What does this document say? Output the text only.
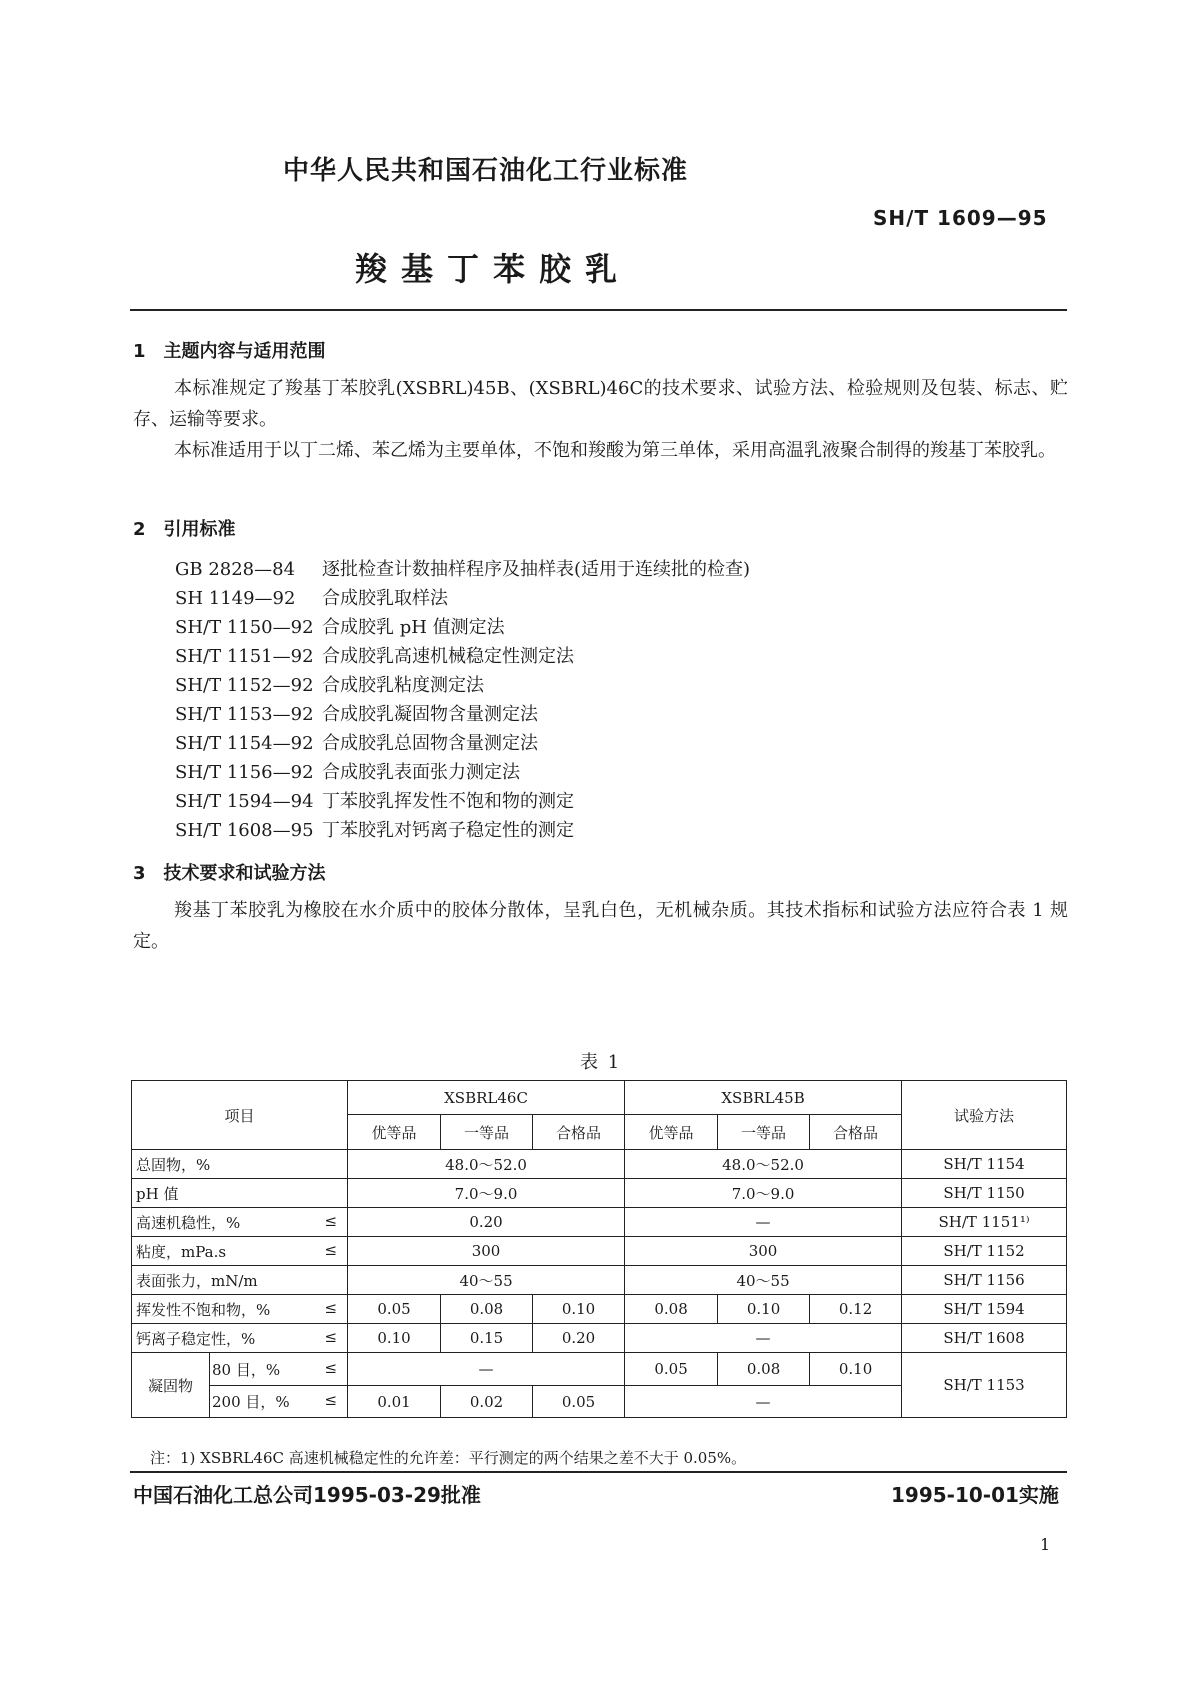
中华人民共和国石油化工行业标准
SH/T 1609—95
羧基丁苯胶乳
1　主题内容与适用范围

本标准规定了羧基丁苯胶乳(XSBRL)45B、(XSBRL)46C的技术要求、试验方法、检验规则及包装、标志、贮存、运输等要求。

本标准适用于以丁二烯、苯乙烯为主要单体，不饱和羧酸为第三单体，采用高温乳液聚合制得的羧基丁苯胶乳。

2　引用标准
GB 2828—84 逐批检查计数抽样程序及抽样表(适用于连续批的检查)
SH 1149—92 合成胶乳取样法
SH/T 1150—92 合成胶乳 pH 值测定法
SH/T 1151—92 合成胶乳高速机械稳定性测定法
SH/T 1152—92 合成胶乳粘度测定法
SH/T 1153—92 合成胶乳凝固物含量测定法
SH/T 1154—92 合成胶乳总固物含量测定法
SH/T 1156—92 合成胶乳表面张力测定法
SH/T 1594—94 丁苯胶乳挥发性不饱和物的测定
SH/T 1608—95 丁苯胶乳对钙离子稳定性的测定
3　技术要求和试验方法

羧基丁苯胶乳为橡胶在水介质中的胶体分散体，呈乳白色，无机械杂质。其技术指标和试验方法应符合表 1 规定。

表 1
项目		XSBRL46C			XSBRL45B			试验方法
		优等品	一等品	合格品	优等品	一等品	合格品	
总固物，%		48.0～52.0			48.0～52.0			SH/T 1154
pH 值		7.0～9.0			7.0～9.0			SH/T 1150
高速机稳性，% ≤		0.20			—			SH/T 1151¹⁾
粘度，mPa.s ≤		300			300			SH/T 1152
表面张力，mN/m		40～55			40～55			SH/T 1156
挥发性不饱和物，% ≤		0.05	0.08	0.10	0.08	0.10	0.12	SH/T 1594
钙离子稳定性，% ≤		0.10	0.15	0.20	—			SH/T 1608
凝固物	80 目，% ≤	—			0.05	0.08	0.10	SH/T 1153
	200 目，% ≤	0.01	0.02	0.05	—			
注：1) XSBRL46C 高速机械稳定性的允许差：平行测定的两个结果之差不大于 0.05%。
中国石油化工总公司1995-03-29批准	1995-10-01实施
1
